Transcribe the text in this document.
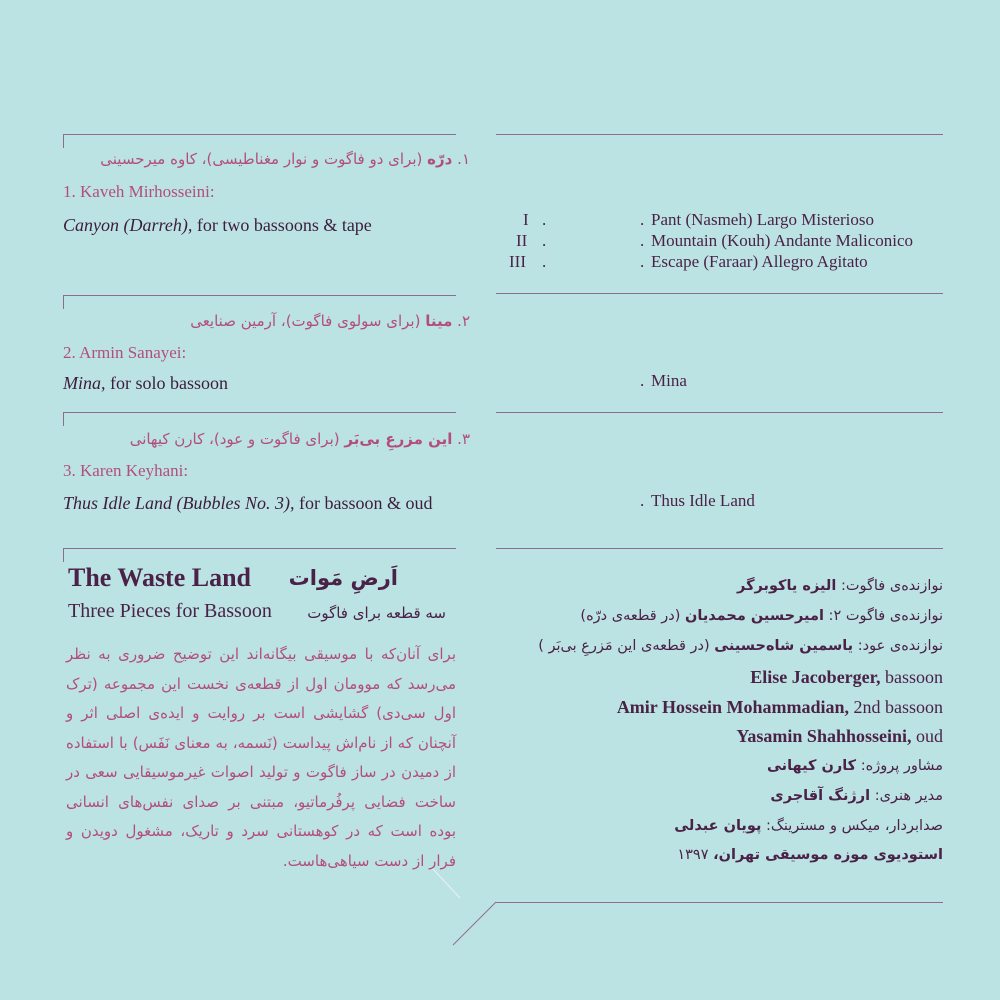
۱. درّه (برای دو فاگوت و نوار مغناطیسی)، کاوه میرحسینی
1. Kaveh Mirhosseini:
Canyon (Darreh), for two bassoons & tape
۲. مینا (برای سولوی فاگوت)، آرمین صنایعی
2. Armin Sanayei:
Mina, for solo bassoon
۳. این مزرعِ بی‌بَر (برای فاگوت و عود)، کارن کیهانی
3. Karen Keyhani:
Thus Idle Land (Bubbles No. 3), for bassoon & oud
I .	. Pant (Nasmeh) Largo Misterioso
II .	. Mountain (Kouh) Andante Maliconico
III .	. Escape (Faraar) Allegro Agitato
. Mina
. Thus Idle Land
The Waste Land اَرضِ مَوات
Three Pieces for Bassoon سه قطعه برای فاگوت
برای آنان‌که با موسیقی بیگانه‌اند این توضیح ضروری به نظر می‌رسد که موومان اول از قطعه‌ی نخست این مجموعه (ترک اول سی‌دی) گشایشی است بر روایت و ایده‌ی اصلی اثر و آنچنان که از نام‌اش پیداست (نَسمه، به معنای نَفَس) با استفاده از دمیدن در ساز فاگوت و تولید اصوات غیرموسیقایی سعی در ساخت فضایی پرفُرماتیو، مبتنی بر صدای نفس‌های انسانی بوده است که در کوهستانی سرد و تاریک، مشغول دویدن و فرار از دست سیاهی‌هاست.
نوازنده‌ی فاگوت: الیزه یاکوبرگر
نوازنده‌ی فاگوت ۲: امیرحسین محمدیان (در قطعه‌ی درّه)
نوازنده‌ی عود: یاسمین شاه‌حسینی (در قطعه‌ی این مَزرعِ بی‌بَر )
Elise Jacoberger, bassoon
Amir Hossein Mohammadian, 2nd bassoon
Yasamin Shahhosseini, oud
مشاور پروژه: کارن کیهانی
مدیر هنری: ارژنگ آقاجری
صدابردار، میکس و مسترینگ: پویان عبدلی
استودیوی موزه موسیقی تهران، ۱۳۹۷
